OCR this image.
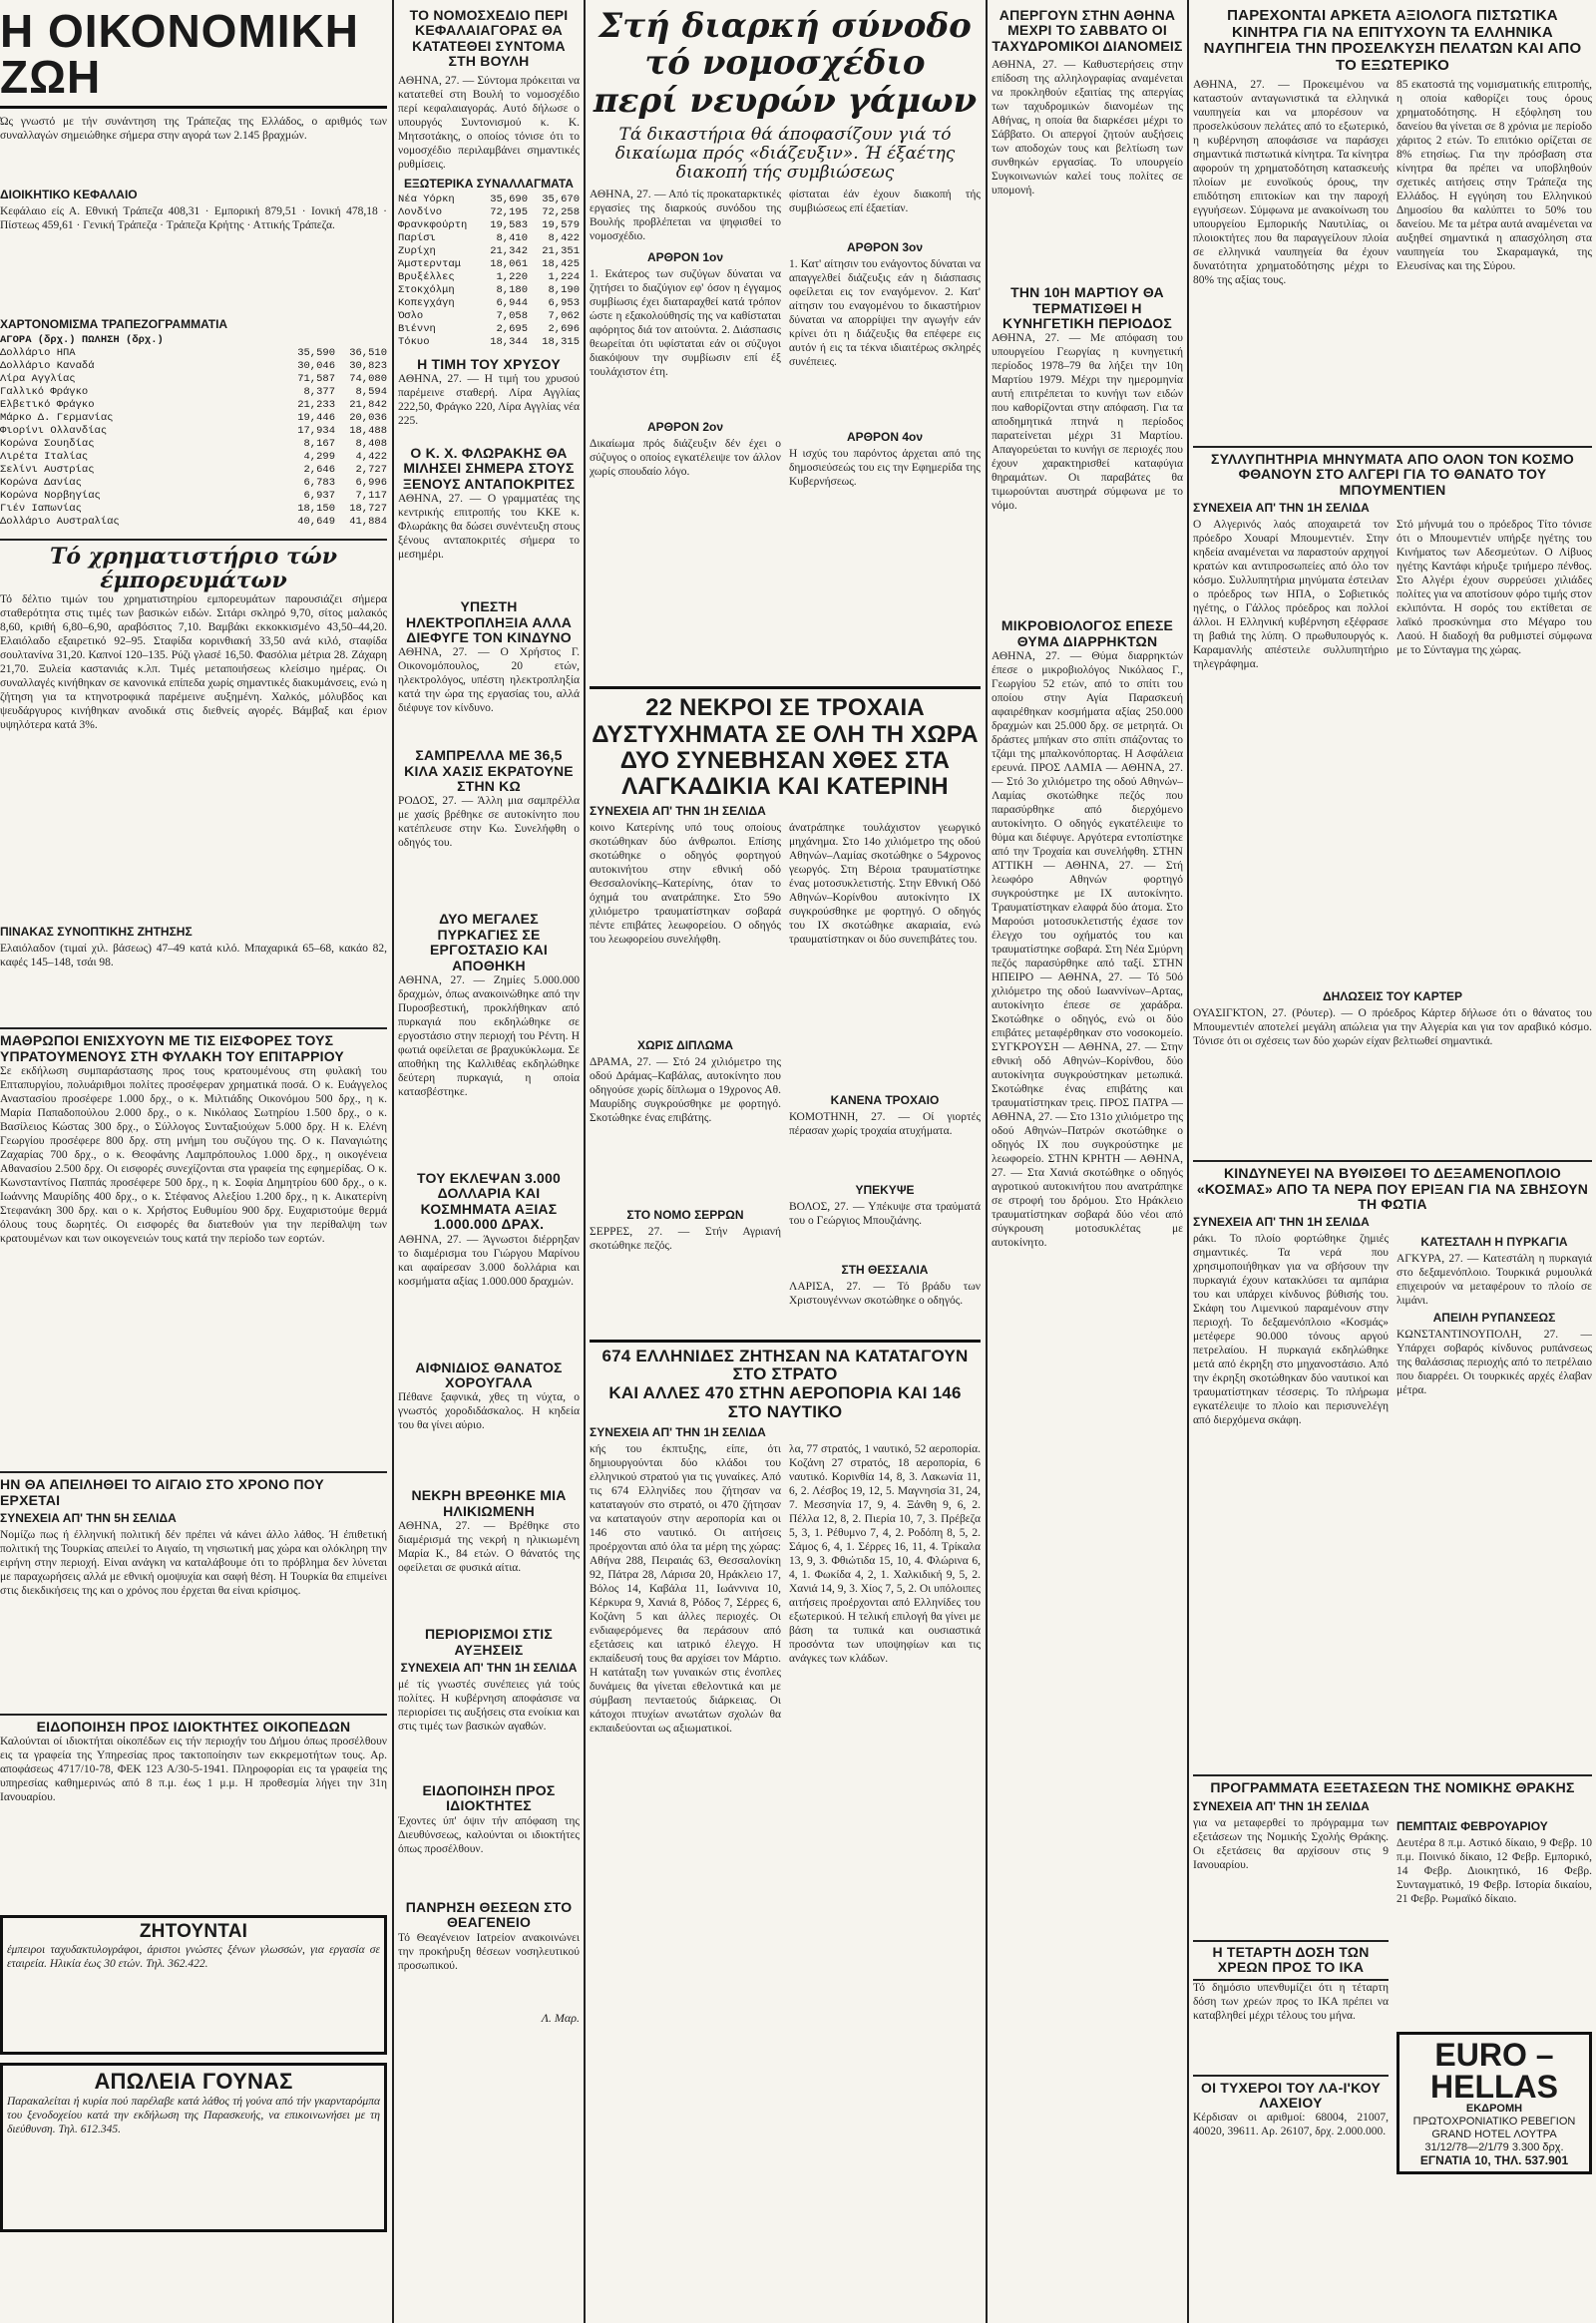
Η ΟΙΚΟΝΟΜΙΚΗ ΖΩΗ
Ώς γνωστό με τήν συνάντηση της Τράπεζας της Ελλάδος, ο αριθμός των συναλλαγών σημειώθηκε σήμερα στην αγορά των 2.145 βραχμών.
ΔΙΟΙΚΗΤΙΚΟ ΚΕΦΑΛΑΙΟ
Κεφάλαιο είς Α. Εθνική Τράπεζα 408,31 · Εμπορική 879,51 · Ιονική 478,18 · Πίστεως 459,61 · Γενική Τράπεζα · Τράπεζα Κρήτης · Αττικής Τράπεζα.
ΧΑΡΤΟΝΟΜΙΣΜΑ ΤΡΑΠΕΖΟΓΡΑΜΜΑΤΙΑ
ΑΓΟΡΑ (δρχ.) ΠΩΛΗΣΗ (δρχ.)
Δολλάριο ΗΠΑ	35,590	36,510
Δολλάριο Καναδά	30,046	30,823
Λίρα Αγγλίας	71,587	74,080
Γαλλικό Φράγκο	8,377	8,594
Ελβετικό Φράγκο	21,233	21,842
Μάρκο Δ. Γερμανίας	19,446	20,036
Φιορίνι Ολλανδίας	17,934	18,488
Κορώνα Σουηδίας	8,167	8,408
Λιρέτα Ιταλίας	4,299	4,422
Σελίνι Αυστρίας	2,646	2,727
Κορώνα Δανίας	6,783	6,996
Κορώνα Νορβηγίας	6,937	7,117
Γιέν Ιαπωνίας	18,150	18,727
Δολλάριο Αυστραλίας	40,649	41,884
Τό χρηματιστήριο τών έμπορευμάτων
Τό δέλτιο τιμών του χρηματιστηρίου εμπορευμάτων παρουσιάζει σήμερα σταθερότητα στις τιμές των βασικών ειδών. Σιτάρι σκληρό 9,70, σίτος μαλακός 8,60, κριθή 6,80–6,90, αραβόσιτος 7,10. Βαμβάκι εκκοκκισμένο 43,50–44,20. Ελαιόλαδο εξαιρετικό 92–95. Σταφίδα κορινθιακή 33,50 ανά κιλό, σταφίδα σουλτανίνα 31,20. Καπνοί 120–135. Ρύζι γλασέ 16,50. Φασόλια μέτρια 28. Ζάχαρη 21,70. Ξυλεία καστανιάς κ.λπ. Τιμές μεταποιήσεως κλείσιμο ημέρας. Οι συναλλαγές κινήθηκαν σε κανονικά επίπεδα χωρίς σημαντικές διακυμάνσεις, ενώ η ζήτηση για τα κτηνοτροφικά παρέμεινε αυξημένη. Χαλκός, μόλυβδος και ψευδάργυρος κινήθηκαν ανοδικά στις διεθνείς αγορές. Βάμβαξ και έριον υψηλότερα κατά 3%.
ΠΙΝΑΚΑΣ ΣΥΝΟΠΤΙΚΗΣ ΖΗΤΗΣΗΣ
Ελαιόλαδον (τιμαί χιλ. βάσεως) 47–49 κατά κιλό. Μπαχαρικά 65–68, κακάο 82, καφές 145–148, τσάι 98.
ΜΑΘΡΩΠΟΙ ΕΝΙΣΧΥΟΥΝ ΜΕ ΤΙΣ ΕΙΣΦΟΡΕΣ ΤΟΥΣ ΥΠΡΑΤΟΥΜΕΝΟΥΣ ΣΤΗ ΦΥΛΑΚΗ ΤΟΥ ΕΠΙΤΑΡΡΙΟΥ
Σε εκδήλωση συμπαράστασης προς τους κρατουμένους στη φυλακή του Επταπυργίου, πολυάριθμοι πολίτες προσέφεραν χρηματικά ποσά. Ο κ. Ευάγγελος Αναστασίου προσέφερε 1.000 δρχ., ο κ. Μιλτιάδης Οικονόμου 500 δρχ., η κ. Μαρία Παπαδοπούλου 2.000 δρχ., ο κ. Νικόλαος Σωτηρίου 1.500 δρχ., ο κ. Βασίλειος Κώστας 300 δρχ., ο Σύλλογος Συνταξιούχων 5.000 δρχ. Η κ. Ελένη Γεωργίου προσέφερε 800 δρχ. στη μνήμη του συζύγου της. Ο κ. Παναγιώτης Ζαχαρίας 700 δρχ., ο κ. Θεοφάνης Λαμπρόπουλος 1.000 δρχ., η οικογένεια Αθανασίου 2.500 δρχ. Οι εισφορές συνεχίζονται στα γραφεία της εφημερίδας. Ο κ. Κωνσταντίνος Παππάς προσέφερε 500 δρχ., η κ. Σοφία Δημητρίου 600 δρχ., ο κ. Ιωάννης Μαυρίδης 400 δρχ., ο κ. Στέφανος Αλεξίου 1.200 δρχ., η κ. Αικατερίνη Στεφανάκη 300 δρχ. και ο κ. Χρήστος Ευθυμίου 900 δρχ. Ευχαριστούμε θερμά όλους τους δωρητές. Οι εισφορές θα διατεθούν για την περίθαλψη των κρατουμένων και των οικογενειών τους κατά την περίοδο των εορτών.
ΗΝ ΘΑ ΑΠΕΙΛΗΘΕΙ ΤΟ ΑΙΓΑΙΟ ΣΤΟ ΧΡΟΝΟ ΠΟΥ ΕΡΧΕΤΑΙ
ΣΥΝΕΧΕΙΑ ΑΠ' ΤΗΝ 5Η ΣΕΛΙΔΑ
Νομίζω πως ή έλληνική πολιτική δέν πρέπει νά κάνει άλλο λάθος. Ή έπιθετική πολιτική της Τουρκίας απειλεί το Αιγαίο, τη νησιωτική μας χώρα και ολόκληρη την ειρήνη στην περιοχή. Είναι ανάγκη να καταλάβουμε ότι το πρόβλημα δεν λύνεται με παραχωρήσεις αλλά με εθνική ομοψυχία και σαφή θέση. Η Τουρκία θα επιμείνει στις διεκδικήσεις της και ο χρόνος που έρχεται θα είναι κρίσιμος.
ΕΙΔΟΠΟΙΗΣΗ ΠΡΟΣ ΙΔΙΟΚΤΗΤΕΣ ΟΙΚΟΠΕΔΩΝ
Καλούνται οί ιδιοκτήται οίκοπέδων εις τήν περιοχήν του Δήμου όπως προσέλθουν εις τα γραφεία της Υπηρεσίας προς τακτοποίησιν των εκκρεμοτήτων τους. Αρ. αποφάσεως 4717/10-78, ΦΕΚ 123 Α/30-5-1941. Πληροφορίαι εις τα γραφεία της υπηρεσίας καθημερινώς από 8 π.μ. έως 1 μ.μ. Η προθεσμία λήγει την 31η Ιανουαρίου.
ΖΗΤΟΥΝΤΑΙ
έμπειροι ταχυδακτυλογράφοι, άριστοι γνώστες ξένων γλωσσών, για εργασία σε εταιρεία. Ηλικία έως 30 ετών. Τηλ. 362.422.
ΑΠΩΛΕΙΑ ΓΟΥΝΑΣ
Παρακαλείται ή κυρία πού παρέλαβε κατά λάθος τή γούνα από τήν γκαρνταρόμπα του ξενοδοχείου κατά την εκδήλωση της Παρασκευής, να επικοινωνήσει με τη διεύθυνση. Τηλ. 612.345.
ΤΟ ΝΟΜΟΣΧΕΔΙΟ ΠΕΡΙ ΚΕΦΑΛΑΙΑΓΟΡΑΣ ΘΑ ΚΑΤΑΤΕΘΕΙ ΣΥΝΤΟΜΑ ΣΤΗ ΒΟΥΛΗ
ΑΘΗΝΑ, 27. — Σύντομα πρόκειται να κατατεθεί στη Βουλή το νομοσχέδιο περί κεφαλαιαγοράς. Αυτό δήλωσε ο υπουργός Συντονισμού κ. Κ. Μητσοτάκης, ο οποίος τόνισε ότι το νομοσχέδιο περιλαμβάνει σημαντικές ρυθμίσεις.
ΕΞΩΤΕΡΙΚΑ ΣΥΝΑΛΛΑΓΜΑΤΑ
Νέα Υόρκη	35,690	35,670
Λονδίνο	72,195	72,258
Φρανκφούρτη	19,583	19,579
Παρίσι	8,410	8,422
Ζυρίχη	21,342	21,351
Άμστερνταμ	18,061	18,425
Βρυξέλλες	1,220	1,224
Στοκχόλμη	8,180	8,190
Κοπεγχάγη	6,944	6,953
Όσλο	7,058	7,062
Βιέννη	2,695	2,696
Τόκυο	18,344	18,315
Η ΤΙΜΗ ΤΟΥ ΧΡΥΣΟΥ
ΑΘΗΝΑ, 27. — Η τιμή του χρυσού παρέμεινε σταθερή. Λίρα Αγγλίας 222,50, Φράγκο 220, Λίρα Αγγλίας νέα 225.
Ο Κ. Χ. ΦΛΩΡΑΚΗΣ ΘΑ ΜΙΛΗΣΕΙ ΣΗΜΕΡΑ ΣΤΟΥΣ ΞΕΝΟΥΣ ΑΝΤΑΠΟΚΡΙΤΕΣ
ΑΘΗΝΑ, 27. — Ο γραμματέας της κεντρικής επιτροπής του ΚΚΕ κ. Φλωράκης θα δώσει συνέντευξη στους ξένους ανταποκριτές σήμερα το μεσημέρι.
ΥΠΕΣΤΗ ΗΛΕΚΤΡΟΠΛΗΞΙΑ ΑΛΛΑ ΔΙΕΦΥΓΕ ΤΟΝ ΚΙΝΔΥΝΟ
ΑΘΗΝΑ, 27. — Ο Χρήστος Γ. Οικονομόπουλος, 20 ετών, ηλεκτρολόγος, υπέστη ηλεκτροπληξία κατά την ώρα της εργασίας του, αλλά διέφυγε τον κίνδυνο.
ΣΑΜΠΡΕΛΛΑ ΜΕ 36,5 ΚΙΛΑ ΧΑΣΙΣ ΕΚΡΑΤΟΥΝΕ ΣΤΗΝ ΚΩ
ΡΟΔΟΣ, 27. — Άλλη μια σαμπρέλλα με χασίς βρέθηκε σε αυτοκίνητο που κατέπλευσε στην Κω. Συνελήφθη ο οδηγός του.
ΔΥΟ ΜΕΓΑΛΕΣ ΠΥΡΚΑΓΙΕΣ ΣΕ ΕΡΓΟΣΤΑΣΙΟ ΚΑΙ ΑΠΟΘΗΚΗ
ΑΘΗΝΑ, 27. — Ζημίες 5.000.000 δραχμών, όπως ανακοινώθηκε από την Πυροσβεστική, προκλήθηκαν από πυρκαγιά που εκδηλώθηκε σε εργοστάσιο στην περιοχή του Ρέντη. Η φωτιά οφείλεται σε βραχυκύκλωμα. Σε αποθήκη της Καλλιθέας εκδηλώθηκε δεύτερη πυρκαγιά, η οποία κατασβέστηκε.
ΤΟΥ ΕΚΛΕΨΑΝ 3.000 ΔΟΛΛΑΡΙΑ ΚΑΙ ΚΟΣΜΗΜΑΤΑ ΑΞΙΑΣ 1.000.000 ΔΡΑΧ.
ΑΘΗΝΑ, 27. — Άγνωστοι διέρρηξαν το διαμέρισμα του Γιώργου Μαρίνου και αφαίρεσαν 3.000 δολλάρια και κοσμήματα αξίας 1.000.000 δραχμών.
ΑΙΦΝΙΔΙΟΣ ΘΑΝΑΤΟΣ ΧΟΡΟΥΓΑΛΑ
Πέθανε ξαφνικά, χθες τη νύχτα, ο γνωστός χοροδιδάσκαλος. Η κηδεία του θα γίνει αύριο.
ΝΕΚΡΗ ΒΡΕΘΗΚΕ ΜΙΑ ΗΛΙΚΙΩΜΕΝΗ
ΑΘΗΝΑ, 27. — Βρέθηκε στο διαμέρισμά της νεκρή η ηλικιωμένη Μαρία Κ., 84 ετών. Ο θάνατός της οφείλεται σε φυσικά αίτια.
ΠΕΡΙΟΡΙΣΜΟΙ ΣΤΙΣ ΑΥΞΗΣΕΙΣ
ΣΥΝΕΧΕΙΑ ΑΠ' ΤΗΝ 1Η ΣΕΛΙΔΑ
μέ τίς γνωστές συνέπειες γιά τούς πολίτες. Η κυβέρνηση αποφάσισε να περιορίσει τις αυξήσεις στα ενοίκια και στις τιμές των βασικών αγαθών.
ΕΙΔΟΠΟΙΗΣΗ ΠΡΟΣ ΙΔΙΟΚΤΗΤΕΣ
Έχοντες ύπ' όψιν τήν απόφαση της Διευθύνσεως, καλούνται οι ιδιοκτήτες όπως προσέλθουν.
ΠΑΝΡΗΣΗ ΘΕΣΕΩΝ ΣΤΟ ΘΕΑΓΕΝΕΙΟ
Τό Θεαγένειον Ιατρείον ανακοινώνει την προκήρυξη θέσεων νοσηλευτικού προσωπικού.
Λ. Μαρ.
Στή διαρκή σύνοδο
τό νομοσχέδιο
περί νευρών γάμων
Τά δικαστήρια θά άποφασίζουν γιά τό δικαίωμα πρός «διάζευξιν». Ή έξαέτης διακοπή τής συμβιώσεως
ΑΘΗΝΑ, 27. — Από τίς προκαταρκτικές εργασίες της διαρκούς συνόδου της Βουλής προβλέπεται να ψηφισθεί το νομοσχέδιο.
ΑΡΘΡΟΝ 1ον
1. Εκάτερος των συζύγων δύναται να ζητήσει το διαζύγιον εφ' όσον η έγγαμος συμβίωσις έχει διαταραχθεί κατά τρόπον ώστε η εξακολούθησίς της να καθίσταται αφόρητος διά τον αιτούντα. 2. Διάσπασις θεωρείται ότι υφίσταται εάν οι σύζυγοι διακόψουν την συμβίωσιν επί έξ τουλάχιστον έτη.
ΑΡΘΡΟΝ 2ον
Δικαίωμα πρός διάζευξιν δέν έχει ο σύζυγος ο οποίος εγκατέλειψε τον άλλον χωρίς σπουδαίο λόγο.
φίσταται έάν έχουν διακοπή τής συμβιώσεως επί έξαετίαν.
ΑΡΘΡΟΝ 3ον
1. Κατ' αίτησιν του ενάγοντος δύναται να απαγγελθεί διάζευξις εάν η διάσπασις οφείλεται εις τον εναγόμενον. 2. Κατ' αίτησιν του εναγομένου το δικαστήριον δύναται να απορρίψει την αγωγήν εάν κρίνει ότι η διάζευξις θα επέφερε εις αυτόν ή εις τα τέκνα ιδιαιτέρως σκληρές συνέπειες.
ΑΡΘΡΟΝ 4ον
Η ισχύς του παρόντος άρχεται από της δημοσιεύσεώς του εις την Εφημερίδα της Κυβερνήσεως.
22 ΝΕΚΡΟΙ ΣΕ ΤΡΟΧΑΙΑ ΔΥΣΤΥΧΗΜΑΤΑ ΣΕ ΟΛΗ ΤΗ ΧΩΡΑ
ΔΥΟ ΣΥΝΕΒΗΣΑΝ ΧΘΕΣ ΣΤΑ ΛΑΓΚΑΔΙΚΙΑ ΚΑΙ ΚΑΤΕΡΙΝΗ
ΣΥΝΕΧΕΙΑ ΑΠ' ΤΗΝ 1Η ΣΕΛΙΔΑ
κοινο Κατερίνης υπό τους οποίους σκοτώθηκαν δύο άνθρωποι. Επίσης σκοτώθηκε ο οδηγός φορτηγού αυτοκινήτου στην εθνική οδό Θεσσαλονίκης–Κατερίνης, όταν το όχημά του ανατράπηκε. Στο 59ο χιλιόμετρο τραυματίστηκαν σοβαρά πέντε επιβάτες λεωφορείου. Ο οδηγός του λεωφορείου συνελήφθη.
ΧΩΡΙΣ ΔΙΠΛΩΜΑ
ΔΡΑΜΑ, 27. — Στό 24 χιλιόμετρο της οδού Δράμας–Καβάλας, αυτοκίνητο που οδηγούσε χωρίς δίπλωμα ο 19χρονος Αθ. Μαυρίδης συγκρούσθηκε με φορτηγό. Σκοτώθηκε ένας επιβάτης.
ΣΤΟ ΝΟΜΟ ΣΕΡΡΩΝ
ΣΕΡΡΕΣ, 27. — Στήν Αγριανή σκοτώθηκε πεζός.
άνατράπηκε τουλάχιστον γεωργικό μηχάνημα. Στο 14ο χιλιόμετρο της οδού Αθηνών–Λαμίας σκοτώθηκε ο 54χρονος γεωργός. Στη Βέροια τραυματίστηκε ένας μοτοσυκλετιστής. Στην Εθνική Οδό Αθηνών–Κορίνθου αυτοκίνητο ΙΧ συγκρούσθηκε με φορτηγό. Ο οδηγός του ΙΧ σκοτώθηκε ακαριαία, ενώ τραυματίστηκαν οι δύο συνεπιβάτες του.
ΚΑΝΕΝΑ ΤΡΟΧΑΙΟ
ΚΟΜΟΤΗΝΗ, 27. — Οί γιορτές πέρασαν χωρίς τροχαία ατυχήματα.
ΥΠΕΚΥΨΕ
ΒΟΛΟΣ, 27. — Υπέκυψε στα τραύματά του ο Γεώργιος Μπουζιάνης.
ΣΤΗ ΘΕΣΣΑΛΙΑ
ΛΑΡΙΣΑ, 27. — Τό βράδυ των Χριστουγέννων σκοτώθηκε ο οδηγός.
674 ΕΛΛΗΝΙΔΕΣ ΖΗΤΗΣΑΝ ΝΑ ΚΑΤΑΤΑΓΟΥΝ ΣΤΟ ΣΤΡΑΤΟ
ΚΑΙ ΑΛΛΕΣ 470 ΣΤΗΝ ΑΕΡΟΠΟΡΙΑ ΚΑΙ 146 ΣΤΟ ΝΑΥΤΙΚΟ
ΣΥΝΕΧΕΙΑ ΑΠ' ΤΗΝ 1Η ΣΕΛΙΔΑ
κής του έκπτυξης, είπε, ότι δημιουργούνται δύο κλάδοι του ελληνικού στρατού για τις γυναίκες. Από τις 674 Ελληνίδες που ζήτησαν να καταταγούν στο στρατό, οι 470 ζήτησαν να καταταγούν στην αεροπορία και οι 146 στο ναυτικό. Οι αιτήσεις προέρχονται από όλα τα μέρη της χώρας: Αθήνα 288, Πειραιάς 63, Θεσσαλονίκη 92, Πάτρα 28, Λάρισα 20, Ηράκλειο 17, Βόλος 14, Καβάλα 11, Ιωάννινα 10, Κέρκυρα 9, Χανιά 8, Ρόδος 7, Σέρρες 6, Κοζάνη 5 και άλλες περιοχές. Οι ενδιαφερόμενες θα περάσουν από εξετάσεις και ιατρικό έλεγχο. Η εκπαίδευσή τους θα αρχίσει τον Μάρτιο. Η κατάταξη των γυναικών στις ένοπλες δυνάμεις θα γίνεται εθελοντικά και με σύμβαση πενταετούς διάρκειας. Οι κάτοχοι πτυχίων ανωτάτων σχολών θα εκπαιδεύονται ως αξιωματικοί.
λα, 77 στρατός, 1 ναυτικό, 52 αεροπορία. Κοζάνη 27 στρατός, 18 αεροπορία, 6 ναυτικό. Κορινθία 14, 8, 3. Λακωνία 11, 6, 2. Λέσβος 19, 12, 5. Μαγνησία 31, 24, 7. Μεσσηνία 17, 9, 4. Ξάνθη 9, 6, 2. Πέλλα 12, 8, 2. Πιερία 10, 7, 3. Πρέβεζα 5, 3, 1. Ρέθυμνο 7, 4, 2. Ροδόπη 8, 5, 2. Σάμος 6, 4, 1. Σέρρες 16, 11, 4. Τρίκαλα 13, 9, 3. Φθιώτιδα 15, 10, 4. Φλώρινα 6, 4, 1. Φωκίδα 4, 2, 1. Χαλκιδική 9, 5, 2. Χανιά 14, 9, 3. Χίος 7, 5, 2. Οι υπόλοιπες αιτήσεις προέρχονται από Ελληνίδες του εξωτερικού. Η τελική επιλογή θα γίνει με βάση τα τυπικά και ουσιαστικά προσόντα των υποψηφίων και τις ανάγκες των κλάδων.
ΑΠΕΡΓΟΥΝ ΣΤΗΝ ΑΘΗΝΑ ΜΕΧΡΙ ΤΟ ΣΑΒΒΑΤΟ ΟΙ ΤΑΧΥΔΡΟΜΙΚΟΙ ΔΙΑΝΟΜΕΙΣ
ΑΘΗΝΑ, 27. — Καθυστερήσεις στην επίδοση της αλληλογραφίας αναμένεται να προκληθούν εξαιτίας της απεργίας των ταχυδρομικών διανομέων της Αθήνας, η οποία θα διαρκέσει μέχρι το Σάββατο. Οι απεργοί ζητούν αυξήσεις των αποδοχών τους και βελτίωση των συνθηκών εργασίας. Το υπουργείο Συγκοινωνιών καλεί τους πολίτες σε υπομονή.
ΤΗΝ 10Η ΜΑΡΤΙΟΥ ΘΑ ΤΕΡΜΑΤΙΣΘΕΙ Η ΚΥΝΗΓΕΤΙΚΗ ΠΕΡΙΟΔΟΣ
ΑΘΗΝΑ, 27. — Με απόφαση του υπουργείου Γεωργίας η κυνηγετική περίοδος 1978–79 θα λήξει την 10η Μαρτίου 1979. Μέχρι την ημερομηνία αυτή επιτρέπεται το κυνήγι των ειδών που καθορίζονται στην απόφαση. Για τα αποδημητικά πτηνά η περίοδος παρατείνεται μέχρι 31 Μαρτίου. Απαγορεύεται το κυνήγι σε περιοχές που έχουν χαρακτηρισθεί καταφύγια θηραμάτων. Οι παραβάτες θα τιμωρούνται αυστηρά σύμφωνα με το νόμο.
ΜΙΚΡΟΒΙΟΛΟΓΟΣ ΕΠΕΣΕ ΘΥΜΑ ΔΙΑΡΡΗΚΤΩΝ
ΑΘΗΝΑ, 27. — Θύμα διαρρηκτών έπεσε ο μικροβιολόγος Νικόλαος Γ., Γεωργίου 52 ετών, από το σπίτι του οποίου στην Αγία Παρασκευή αφαιρέθηκαν κοσμήματα αξίας 250.000 δραχμών και 25.000 δρχ. σε μετρητά. Οι δράστες μπήκαν στο σπίτι σπάζοντας το τζάμι της μπαλκονόπορτας. Η Ασφάλεια ερευνά. ΠΡΟΣ ΛΑΜΙΑ — ΑΘΗΝΑ, 27. — Στό 3ο χιλιόμετρο της οδού Αθηνών–Λαμίας σκοτώθηκε πεζός που παρασύρθηκε από διερχόμενο αυτοκίνητο. Ο οδηγός εγκατέλειψε το θύμα και διέφυγε. Αργότερα εντοπίστηκε από την Τροχαία και συνελήφθη. ΣΤΗΝ ΑΤΤΙΚΗ — ΑΘΗΝΑ, 27. — Στή λεωφόρο Αθηνών φορτηγό συγκρούστηκε με ΙΧ αυτοκίνητο. Τραυματίστηκαν ελαφρά δύο άτομα. Στο Μαρούσι μοτοσυκλετιστής έχασε τον έλεγχο του οχήματός του και τραυματίστηκε σοβαρά. Στη Νέα Σμύρνη πεζός παρασύρθηκε από ταξί. ΣΤΗΝ ΗΠΕΙΡΟ — ΑΘΗΝΑ, 27. — Τό 50ό χιλιόμετρο της οδού Ιωαννίνων–Αρτας, αυτοκίνητο έπεσε σε χαράδρα. Σκοτώθηκε ο οδηγός, ενώ οι δύο επιβάτες μεταφέρθηκαν στο νοσοκομείο. ΣΥΓΚΡΟΥΣΗ — ΑΘΗΝΑ, 27. — Στην εθνική οδό Αθηνών–Κορίνθου, δύο αυτοκίνητα συγκρούστηκαν μετωπικά. Σκοτώθηκε ένας επιβάτης και τραυματίστηκαν τρεις. ΠΡΟΣ ΠΑΤΡΑ — ΑΘΗΝΑ, 27. — Στο 131ο χιλιόμετρο της οδού Αθηνών–Πατρών σκοτώθηκε ο οδηγός ΙΧ που συγκρούστηκε με λεωφορείο. ΣΤΗΝ ΚΡΗΤΗ — ΑΘΗΝΑ, 27. — Στα Χανιά σκοτώθηκε ο οδηγός αγροτικού αυτοκινήτου που ανατράπηκε σε στροφή του δρόμου. Στο Ηράκλειο τραυματίστηκαν σοβαρά δύο νέοι από σύγκρουση μοτοσυκλέτας με αυτοκίνητο.
ΠΑΡΕΧΟΝΤΑΙ ΑΡΚΕΤΑ ΑΞΙΟΛΟΓΑ ΠΙΣΤΩΤΙΚΑ ΚΙΝΗΤΡΑ ΓΙΑ ΝΑ ΕΠΙΤΥΧΟΥΝ ΤΑ ΕΛΛΗΝΙΚΑ ΝΑΥΠΗΓΕΙΑ ΤΗΝ ΠΡΟΣΕΛΚΥΣΗ ΠΕΛΑΤΩΝ ΚΑΙ ΑΠΟ ΤΟ ΕΞΩΤΕΡΙΚΟ
ΑΘΗΝΑ, 27. — Προκειμένου να καταστούν ανταγωνιστικά τα ελληνικά ναυπηγεία και να μπορέσουν να προσελκύσουν πελάτες από το εξωτερικό, η κυβέρνηση αποφάσισε να παράσχει σημαντικά πιστωτικά κίνητρα. Τα κίνητρα αφορούν τη χρηματοδότηση κατασκευής πλοίων με ευνοϊκούς όρους, την επιδότηση επιτοκίων και την παροχή εγγυήσεων. Σύμφωνα με ανακοίνωση του υπουργείου Εμπορικής Ναυτιλίας, οι πλοιοκτήτες που θα παραγγείλουν πλοία σε ελληνικά ναυπηγεία θα έχουν δυνατότητα χρηματοδότησης μέχρι το 80% της αξίας τους.
85 εκατοστά της νομισματικής επιτροπής, η οποία καθορίζει τους όρους χρηματοδότησης. Η εξόφληση του δανείου θα γίνεται σε 8 χρόνια με περίοδο χάριτος 2 ετών. Το επιτόκιο ορίζεται σε 8% ετησίως. Για την πρόσβαση στα κίνητρα θα πρέπει να υποβληθούν σχετικές αιτήσεις στην Τράπεζα της Ελλάδος. Η εγγύηση του Ελληνικού Δημοσίου θα καλύπτει το 50% του δανείου. Με τα μέτρα αυτά αναμένεται να αυξηθεί σημαντικά η απασχόληση στα ναυπηγεία του Σκαραμαγκά, της Ελευσίνας και της Σύρου.
ΣΥΛΛΥΠΗΤΗΡΙΑ ΜΗΝΥΜΑΤΑ ΑΠΟ ΟΛΟΝ ΤΟΝ ΚΟΣΜΟ ΦΘΑΝΟΥΝ ΣΤΟ ΑΛΓΕΡΙ ΓΙΑ ΤΟ ΘΑΝΑΤΟ ΤΟΥ ΜΠΟΥΜΕΝΤΙΕΝ
ΣΥΝΕΧΕΙΑ ΑΠ' ΤΗΝ 1Η ΣΕΛΙΔΑ
Ο Αλγερινός λαός αποχαιρετά τον πρόεδρο Χουαρί Μπουμεντιέν. Στην κηδεία αναμένεται να παραστούν αρχηγοί κρατών και αντιπροσωπείες από όλο τον κόσμο. Συλλυπητήρια μηνύματα έστειλαν ο πρόεδρος των ΗΠΑ, ο Σοβιετικός ηγέτης, ο Γάλλος πρόεδρος και πολλοί άλλοι. Η Ελληνική κυβέρνηση εξέφρασε τη βαθιά της λύπη. Ο πρωθυπουργός κ. Καραμανλής απέστειλε συλλυπητήριο τηλεγράφημα.
Στό μήνυμά του ο πρόεδρος Τίτο τόνισε ότι ο Μπουμεντιέν υπήρξε ηγέτης του Κινήματος των Αδεσμεύτων. Ο Λίβυος ηγέτης Καντάφι κήρυξε τριήμερο πένθος. Στο Αλγέρι έχουν συρρεύσει χιλιάδες πολίτες για να αποτίσουν φόρο τιμής στον εκλιπόντα. Η σορός του εκτίθεται σε λαϊκό προσκύνημα στο Μέγαρο του Λαού. Η διαδοχή θα ρυθμιστεί σύμφωνα με το Σύνταγμα της χώρας.
ΔΗΛΩΣΕΙΣ ΤΟΥ ΚΑΡΤΕΡ
ΟΥΑΣΙΓΚΤΟΝ, 27. (Ρόυτερ). — Ο πρόεδρος Κάρτερ δήλωσε ότι ο θάνατος του Μπουμεντιέν αποτελεί μεγάλη απώλεια για την Αλγερία και για τον αραβικό κόσμο. Τόνισε ότι οι σχέσεις των δύο χωρών είχαν βελτιωθεί σημαντικά.
ΚΙΝΔΥΝΕΥΕΙ ΝΑ ΒΥΘΙΣΘΕΙ ΤΟ ΔΕΞΑΜΕΝΟΠΛΟΙΟ «ΚΟΣΜΑΣ» ΑΠΟ ΤΑ ΝΕΡΑ ΠΟΥ ΕΡΙΞΑΝ ΓΙΑ ΝΑ ΣΒΗΣΟΥΝ ΤΗ ΦΩΤΙΑ
ΣΥΝΕΧΕΙΑ ΑΠ' ΤΗΝ 1Η ΣΕΛΙΔΑ
ράκι. Το πλοίο φορτώθηκε ζημιές σημαντικές. Τα νερά που χρησιμοποιήθηκαν για να σβήσουν την πυρκαγιά έχουν κατακλύσει τα αμπάρια του και υπάρχει κίνδυνος βύθισής του. Σκάφη του Λιμενικού παραμένουν στην περιοχή. Το δεξαμενόπλοιο «Κοσμάς» μετέφερε 90.000 τόνους αργού πετρελαίου. Η πυρκαγιά εκδηλώθηκε μετά από έκρηξη στο μηχανοστάσιο. Από την έκρηξη σκοτώθηκαν δύο ναυτικοί και τραυματίστηκαν τέσσερις. Το πλήρωμα εγκατέλειψε το πλοίο και περισυνελέγη από διερχόμενα σκάφη.
ΚΑΤΕΣΤΑΛΗ Η ΠΥΡΚΑΓΙΑ
ΑΓΚΥΡΑ, 27. — Κατεστάλη η πυρκαγιά στο δεξαμενόπλοιο. Τουρκικά ρυμουλκά επιχειρούν να μεταφέρουν το πλοίο σε λιμάνι.
ΑΠΕΙΛΗ ΡΥΠΑΝΣΕΩΣ
ΚΩΝΣΤΑΝΤΙΝΟΥΠΟΛΗ, 27. — Υπάρχει σοβαρός κίνδυνος ρυπάνσεως της θαλάσσιας περιοχής από το πετρέλαιο που διαρρέει. Οι τουρκικές αρχές έλαβαν μέτρα.
ΠΡΟΓΡΑΜΜΑΤΑ ΕΞΕΤΑΣΕΩΝ ΤΗΣ ΝΟΜΙΚΗΣ ΘΡΑΚΗΣ
ΣΥΝΕΧΕΙΑ ΑΠ' ΤΗΝ 1Η ΣΕΛΙΔΑ
για να μεταφερθεί το πρόγραμμα των εξετάσεων της Νομικής Σχολής Θράκης. Οι εξετάσεις θα αρχίσουν στις 9 Ιανουαρίου.
Η ΤΕΤΑΡΤΗ ΔΟΣΗ ΤΩΝ ΧΡΕΩΝ ΠΡΟΣ ΤΟ ΙΚΑ
Τό δημόσιο υπενθυμίζει ότι η τέταρτη δόση των χρεών προς το ΙΚΑ πρέπει να καταβληθεί μέχρι τέλους του μήνα.
ΟΙ ΤΥΧΕΡΟΙ ΤΟΥ ΛΑ-Ι'ΚΟΥ ΛΑΧΕΙΟΥ
Κέρδισαν οι αριθμοί: 68004, 21007, 40020, 39611. Αρ. 26107, δρχ. 2.000.000.
ΠΕΜΠΤΑΙΣ ΦΕΒΡΟΥΑΡΙΟΥ
Δευτέρα 8 π.μ. Αστικό δίκαιο, 9 Φεβρ. 10 π.μ. Ποινικό δίκαιο, 12 Φεβρ. Εμπορικό, 14 Φεβρ. Διοικητικό, 16 Φεβρ. Συνταγματικό, 19 Φεβρ. Ιστορία δικαίου, 21 Φεβρ. Ρωμαϊκό δίκαιο.
EURO – HELLAS
ΕΚΔΡΟΜΗ
ΠΡΩΤΟΧΡΟΝΙΑΤΙΚΟ ΡΕΒΕΓΙΟΝ
GRAND HOTEL ΛΟΥΤΡΑ
31/12/78—2/1/79 3.300 δρχ.
ΕΓΝΑΤΙΑ 10, ΤΗΛ. 537.901
